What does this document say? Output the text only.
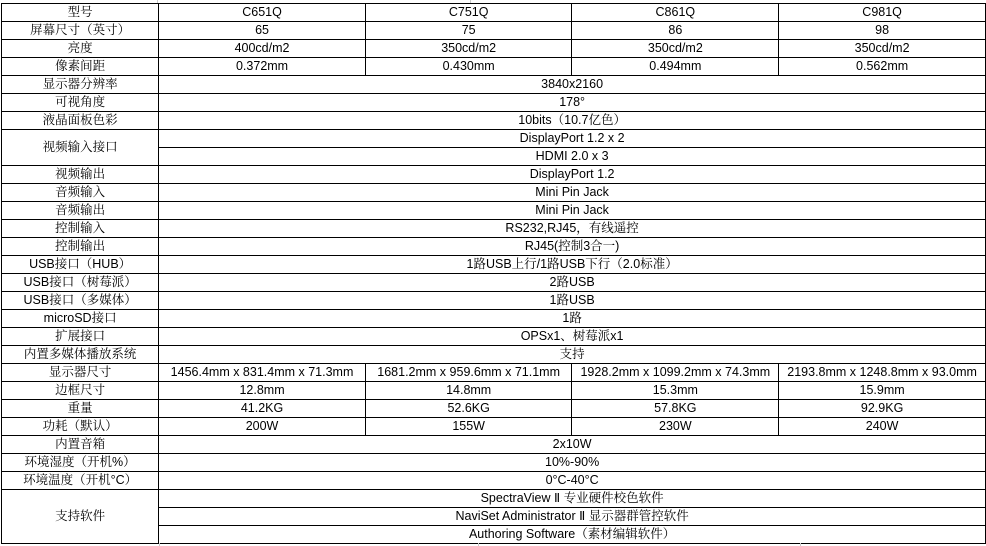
型号	C651Q	C751Q	C861Q	C981Q
屏幕尺寸（英寸）	65	75	86	98
亮度	400cd/m2	350cd/m2	350cd/m2	350cd/m2
像素间距	0.372mm	0.430mm	0.494mm	0.562mm
显示器分辨率	3840x2160			
可视角度	178°			
液晶面板色彩	10bits（10.7亿色）			
视频输入接口	DisplayPort 1.2 x 2			
	HDMI 2.0 x 3			
视频输出	DisplayPort 1.2			
音频输入	Mini Pin Jack			
音频输出	Mini Pin Jack			
控制输入	RS232,RJ45，有线遥控			
控制输出	RJ45(控制3合一)			
USB接口（HUB）	1路USB上行/1路USB下行（2.0标准）			
USB接口（树莓派）	2路USB			
USB接口（多媒体）	1路USB			
microSD接口	1路			
扩展接口	OPSx1、树莓派x1			
内置多媒体播放系统	支持			
显示器尺寸	1456.4mm x 831.4mm x 71.3mm	1681.2mm x 959.6mm x 71.1mm	1928.2mm x 1099.2mm x 74.3mm	2193.8mm x 1248.8mm x 93.0mm
边框尺寸	12.8mm	14.8mm	15.3mm	15.9mm
重量	41.2KG	52.6KG	57.8KG	92.9KG
功耗（默认）	200W	155W	230W	240W
内置音箱	2x10W			
环境湿度（开机%）	10%-90%			
环境温度（开机°C）	0°C-40°C			
支持软件	SpectraView Ⅱ 专业硬件校色软件			
	NaviSet Administrator Ⅱ 显示器群管控软件			
	Authoring Software（素材编辑软件）			
